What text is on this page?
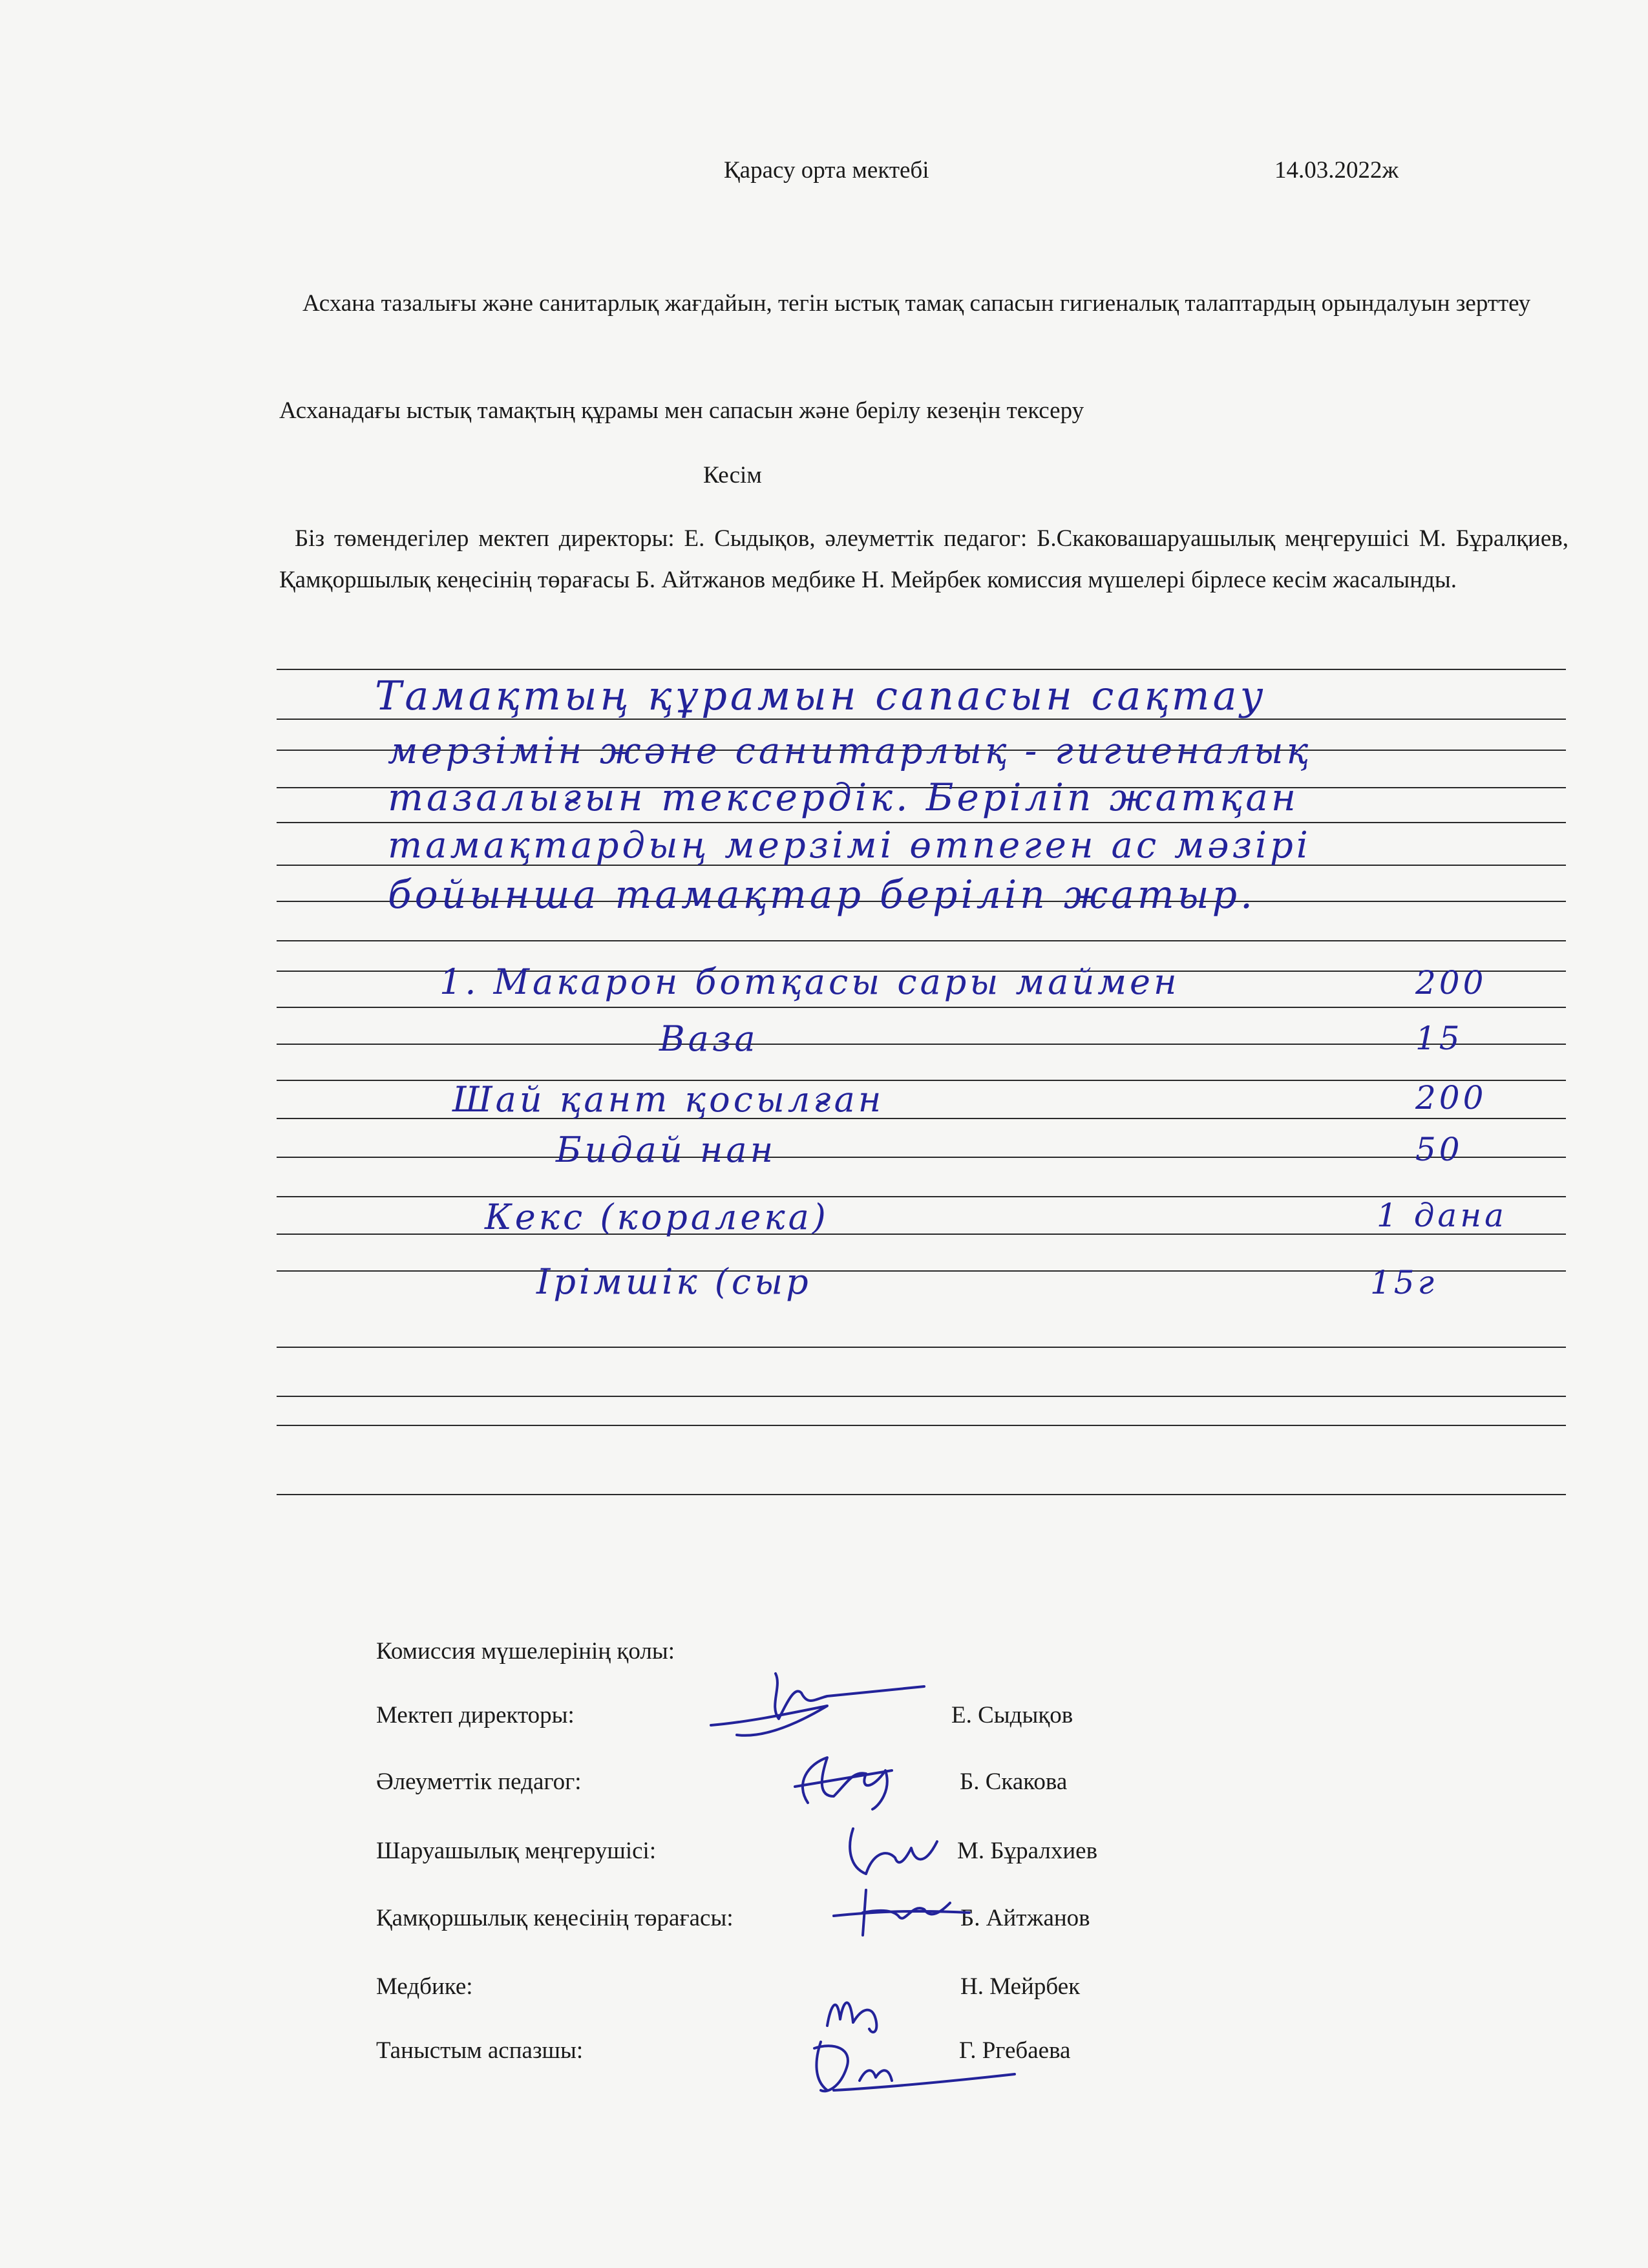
Қарасу орта мектебі	14.03.2022ж
Асхана тазалығы және санитарлық жағдайын, тегін ыстық тамақ сапасын гигиеналық талаптардың орындалуын зерттеу
Асханадағы ыстық тамақтың құрамы мен сапасын және берілу кезеңін тексеру
Кесім
Біз төмендегілер мектеп директоры: Е. Сыдықов, әлеуметтік педагог: Б.Скаковашаруашылық меңгерушісі М. Бұралқиев, Қамқоршылық кеңесінің төрағасы Б. Айтжанов медбике Н. Мейрбек комиссия мүшелері бірлесе кесім жасалынды.
Тамақтың құрамын сапасын сақтау
мерзімін және санитарлық - гигиеналық
тазалығын тексердік. Беріліп жатқан
тамақтардың мерзімі өтпеген ас мәзірі
бойынша тамақтар беріліп жатыр.
1. Макарон ботқасы сары маймен	200
Ваза	15
Шай қант қосылған	200
Бидай нан	50
Кекс (коралека)	1 дана
Ірімшік (сыр	15г
Комиссия мүшелерінің қолы:
Мектеп директоры:	Е. Сыдықов
Әлеуметтік педагог:	Б. Скакова
Шаруашылық меңгерушісі:	М. Бұралхиев
Қамқоршылық кеңесінің төрағасы:	Б. Айтжанов
Медбике:	Н. Мейрбек
Таныстым аспазшы:	Г. Ргебаева
